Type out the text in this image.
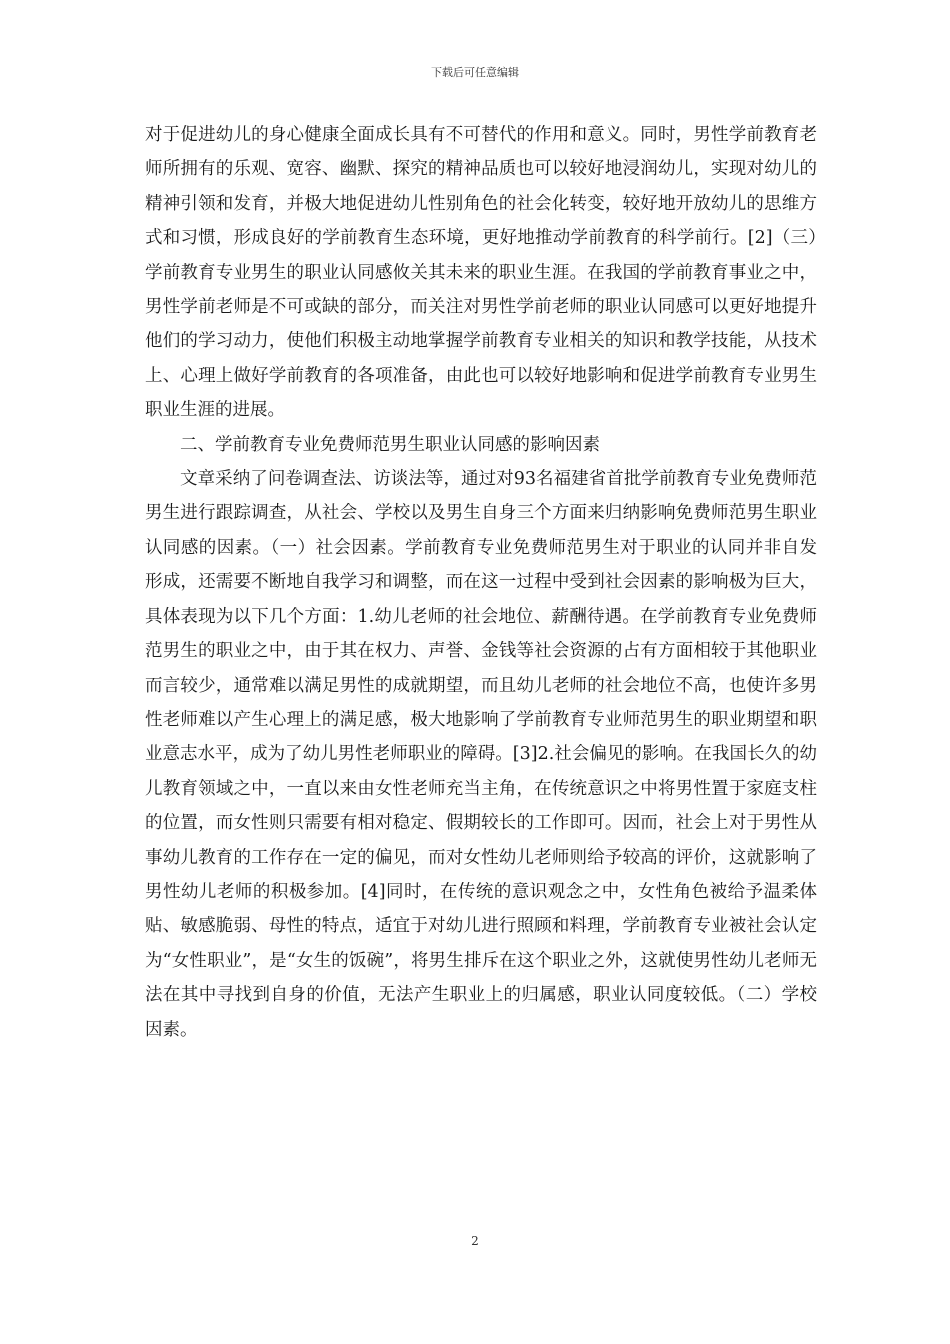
下载后可任意编辑

对于促进幼儿的身心健康全面成长具有不可替代的作用和意义。同时，男性学前教育老师所拥有的乐观、宽容、幽默、探究的精神品质也可以较好地浸润幼儿，实现对幼儿的精神引领和发育，并极大地促进幼儿性别角色的社会化转变，较好地开放幼儿的思维方式和习惯，形成良好的学前教育生态环境，更好地推动学前教育的科学前行。[2]（三）学前教育专业男生的职业认同感攸关其未来的职业生涯。在我国的学前教育事业之中，男性学前老师是不可或缺的部分，而关注对男性学前老师的职业认同感可以更好地提升他们的学习动力，使他们积极主动地掌握学前教育专业相关的知识和教学技能，从技术上、心理上做好学前教育的各项准备，由此也可以较好地影响和促进学前教育专业男生职业生涯的进展。

二、学前教育专业免费师范男生职业认同感的影响因素

文章采纳了问卷调查法、访谈法等，通过对93名福建省首批学前教育专业免费师范男生进行跟踪调查，从社会、学校以及男生自身三个方面来归纳影响免费师范男生职业认同感的因素。（一）社会因素。学前教育专业免费师范男生对于职业的认同并非自发形成，还需要不断地自我学习和调整，而在这一过程中受到社会因素的影响极为巨大，具体表现为以下几个方面：1.幼儿老师的社会地位、薪酬待遇。在学前教育专业免费师范男生的职业之中，由于其在权力、声誉、金钱等社会资源的占有方面相较于其他职业而言较少，通常难以满足男性的成就期望，而且幼儿老师的社会地位不高，也使许多男性老师难以产生心理上的满足感，极大地影响了学前教育专业师范男生的职业期望和职业意志水平，成为了幼儿男性老师职业的障碍。[3]2.社会偏见的影响。在我国长久的幼儿教育领域之中，一直以来由女性老师充当主角，在传统意识之中将男性置于家庭支柱的位置，而女性则只需要有相对稳定、假期较长的工作即可。因而，社会上对于男性从事幼儿教育的工作存在一定的偏见，而对女性幼儿老师则给予较高的评价，这就影响了男性幼儿老师的积极参加。[4]同时，在传统的意识观念之中，女性角色被给予温柔体贴、敏感脆弱、母性的特点，适宜于对幼儿进行照顾和料理，学前教育专业被社会认定为“女性职业”，是“女生的饭碗”，将男生排斥在这个职业之外，这就使男性幼儿老师无法在其中寻找到自身的价值，无法产生职业上的归属感，职业认同度较低。（二）学校因素。

2
